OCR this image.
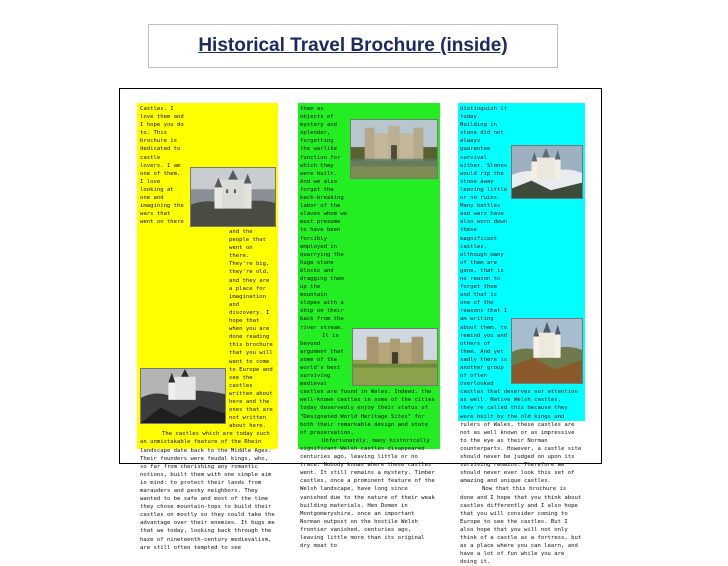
Historical Travel Brochure (inside)

Castles. I love them and I hope you do to. This brochure is dedicated to castle lovers. I am one of them. I love looking at one and imagining the wars that went on there and the people that went on there. They're big, they're old, and they are a place for imagination and discovery. I hope that when you are done reading this brochure that you will want to come to Europe and see the castles written about here and the ones that are not written about here.

The castles which are today such an unmistakable feature of the Rhein landscape date back to the Middle Ages. Their founders were feudal kings, who, so far from cherishing any romantic notions, built them with one simple aim in mind: to protect their lands from marauders and pesky neighbors. They wanted to be safe and most of the time they chose mountain-tops to build their castles on mostly so they could take the advantage over their enemies. It bugs me that we today, looking back through the haze of nineteenth-century medievalism, are still often tempted to see

them as objects of mystery and splendor, forgetting the warlike function for which they were built. And we also forget the back-breaking labor of the slaves whom we must presume to have been forcibly employed in quarrying the huge stone blocks and dragging them up the mountain slopes with a ship on their back from the river stream.

It is beyond argument that some of the world's best surviving medieval castles are found in Wales. Indeed, the well-known castles in some of the cities today deservedly enjoy their status of "Designated World Heritage Sites" for both their remarkable design and state of preservation.

Unfortunately, many historically significant Welsh castles disappeared centuries ago, leaving little or no trace. Nobody knows where these castles went. It still remains a mystery. Timber castles, once a prominent feature of the Welsh landscape, have long since vanished due to the nature of their weak building materials. Hen Domen in Montgomeryshire, once an important Norman outpost on the hostile Welsh frontier vanished, centuries ago, leaving little more than its original dry moat to

distinguish it today. Building in stone did not always guarantee survival either. Stones would rip the stone away leaving little or no ruins. Many battles and wars have also worn down these magnificent castles, although many of them are gone, that is no reason to forget them and that is one of the reasons that I am writing about them, to remind you and others of them. And yet sadly there is another group of often overlooked castles that deserves our attention as well. Native Welsh castles, they're called this because they were built by the old kings and rulers of Wales, these castles are not as well known or as impressive to the eye as their Norman counterparts. However, a castle site should never be judged on upon its surviving remains. Therefore we should never ever look this set of amazing and unique castles.

Now that this brochure is done and I hope that you think about castles differently and I also hope that you will consider coming to Europe to see the castles. But I also hope that you will not only think of a castle as a fortress, but as a place where you can learn, and have a lot of fun while you are doing it.
